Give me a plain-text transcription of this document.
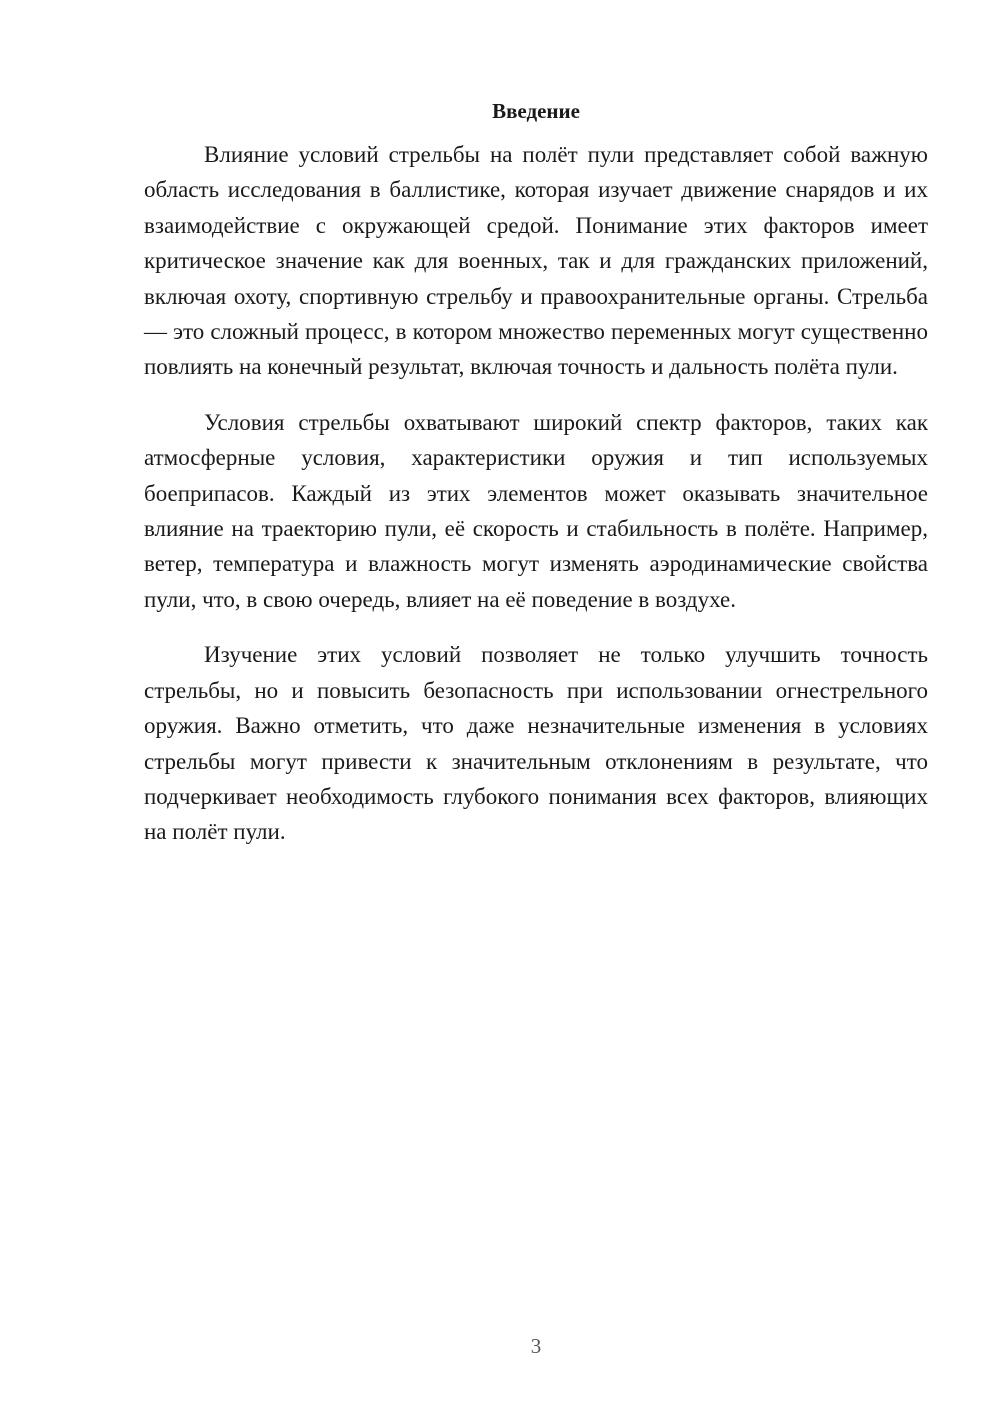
Введение

Влияние условий стрельбы на полёт пули представляет собой важную область исследования в баллистике, которая изучает движение снарядов и их взаимодействие с окружающей средой. Понимание этих факторов имеет критическое значение как для военных, так и для гражданских приложений, включая охоту, спортивную стрельбу и правоохранительные органы. Стрельба — это сложный процесс, в котором множество переменных могут существенно повлиять на конечный результат, включая точность и дальность полёта пули.

Условия стрельбы охватывают широкий спектр факторов, таких как атмосферные условия, характеристики оружия и тип используемых боеприпасов. Каждый из этих элементов может оказывать значительное влияние на траекторию пули, её скорость и стабильность в полёте. Например, ветер, температура и влажность могут изменять аэродинамические свойства пули, что, в свою очередь, влияет на её поведение в воздухе.

Изучение этих условий позволяет не только улучшить точность стрельбы, но и повысить безопасность при использовании огнестрельного оружия. Важно отметить, что даже незначительные изменения в условиях стрельбы могут привести к значительным отклонениям в результате, что подчеркивает необходимость глубокого понимания всех факторов, влияющих на полёт пули.

3
